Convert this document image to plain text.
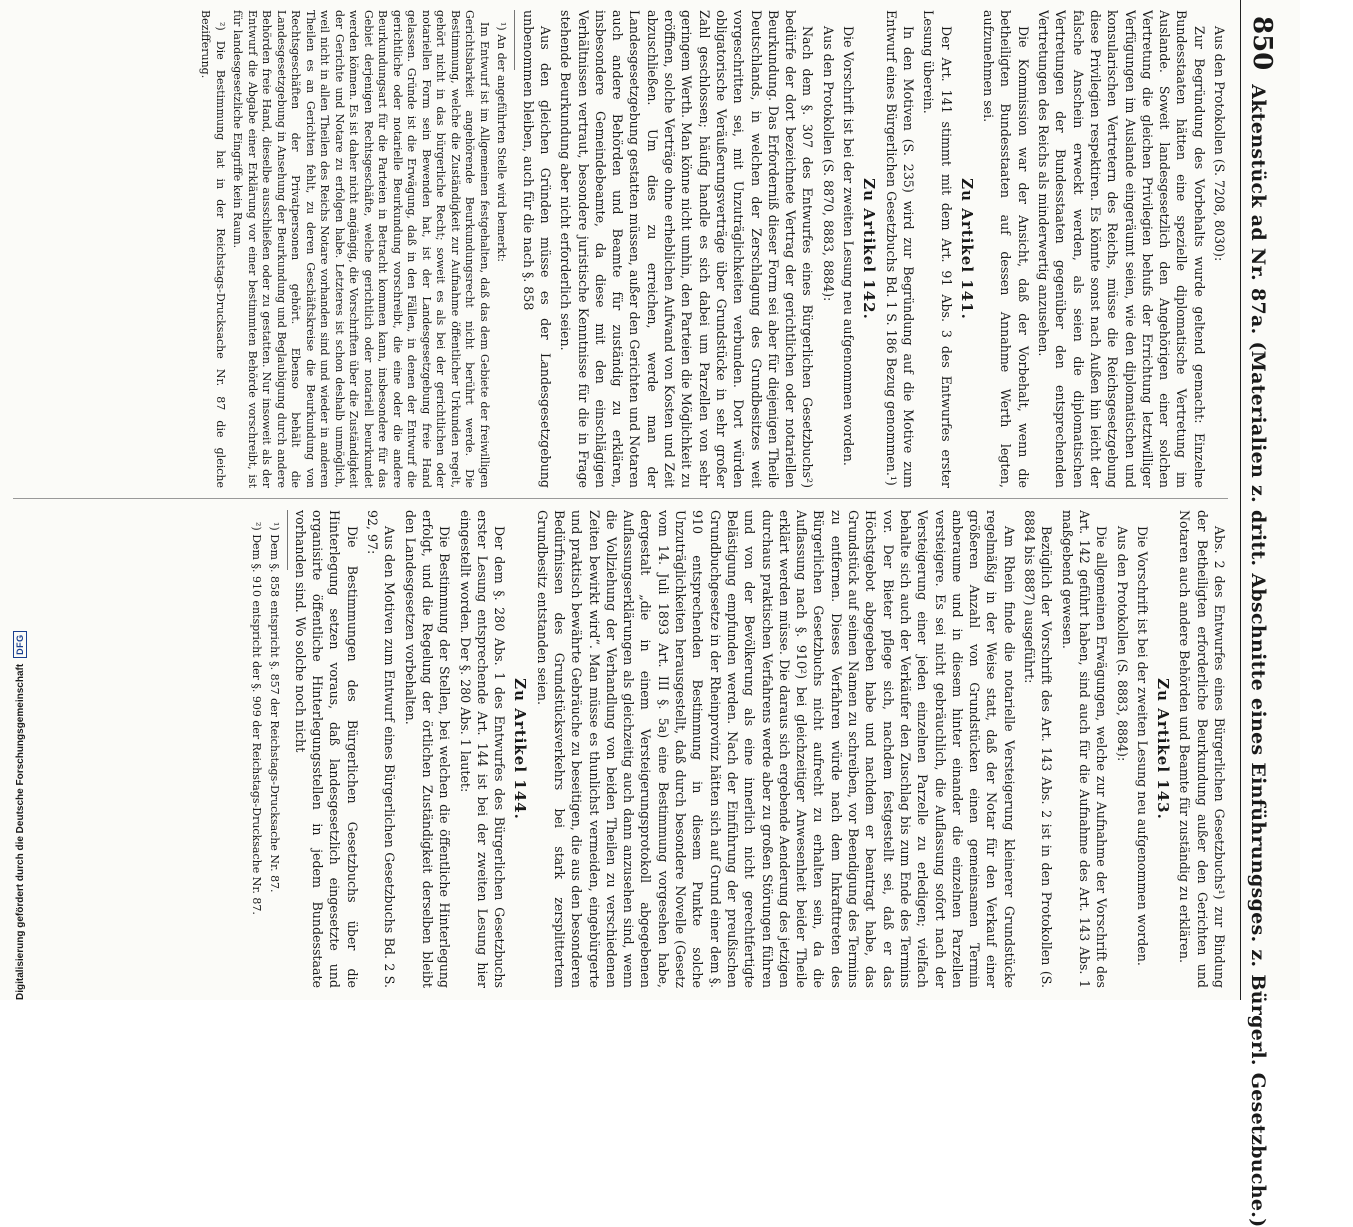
850
Aktenstück ad Nr. 87a. (Materialien z. dritt. Abschnitte eines Einführungsges. z. Bürgerl. Gesetzbuche.)

Aus den Protokollen (S. 7208, 8030):

Zur Begründung des Vorbehalts wurde geltend gemacht: Einzelne Bundesstaaten hätten eine spezielle diplomatische Vertretung im Auslande. Soweit landesgesetzlich den Angehörigen einer solchen Vertretung die gleichen Privilegien behufs der Errichtung letztwilliger Verfügungen im Auslande eingeräumt seien, wie den diplomatischen und konsularischen Vertretern des Reichs, müsse die Reichsgesetzgebung diese Privilegien respektiren. Es könnte sonst nach Außen hin leicht der falsche Anschein erweckt werden, als seien die diplomatischen Vertretungen der Bundesstaaten gegenüber den entsprechenden Vertretungen des Reichs als minderwertig anzusehen.

Die Kommission war der Ansicht, daß der Vorbehalt, wenn die betheiligten Bundesstaaten auf dessen Annahme Werth legten, aufzunehmen sei.

Zu Artikel 141.

Der Art. 141 stimmt mit dem Art. 91 Abs. 3 des Entwurfes erster Lesung überein.

In den Motiven (S. 235) wird zur Begründung auf die Motive zum Entwurf eines Bürgerlichen Gesetzbuchs Bd. 1 S. 186 Bezug genommen.¹)

Zu Artikel 142.

Die Vorschrift ist bei der zweiten Lesung neu aufgenommen worden.

Aus den Protokollen (S. 8870, 8883, 8884):

Nach dem §. 307 des Entwurfes eines Bürgerlichen Gesetzbuchs²) bedürfe der dort bezeichnete Vertrag der gerichtlichen oder notariellen Beurkundung. Das Erforderniß dieser Form sei aber für diejenigen Theile Deutschlands, in welchen der Zerschlagung des Grundbesitzes weit vorgeschritten sei, mit Unzuträglichkeiten verbunden. Dort würden obligatorische Veräußerungsverträge über Grundstücke in sehr großer Zahl geschlossen; häufig handle es sich dabei um Parzellen von sehr geringem Werth. Man könne nicht umhin, den Parteien die Möglichkeit zu eröffnen, solche Verträge ohne erheblichen Aufwand von Kosten und Zeit abzuschließen. Um dies zu erreichen, werde man der Landesgesetzgebung gestatten müssen, außer den Gerichten und Notaren auch andere Behörden und Beamte für zuständig zu erklären, insbesondere Gemeindebeamte, da diese mit den einschlägigen Verhältnissen vertraut, besondere juristische Kenntnisse für die in Frage stehende Beurkundung aber nicht erforderlich seien.

Aus den gleichen Gründen müsse es der Landesgesetzgebung unbenommen bleiben, auch für die nach §. 858

¹) An der angeführten Stelle wird bemerkt:

Im Entwurf ist im Allgemeinen festgehalten, daß das dem Gebiete der freiwilligen Gerichtsbarkeit angehörende Beurkundungsrecht nicht berührt werde. Die Bestimmung, welche die Zuständigkeit zur Aufnahme öffentlicher Urkunden regelt, gehört nicht in das bürgerliche Recht; soweit es als bei der gerichtlichen oder notariellen Form sein Bewenden hat, ist der Landesgesetzgebung freie Hand gelassen. Gründe ist die Erwägung, daß in den Fällen, in denen der Entwurf die gerichtliche oder notarielle Beurkundung vorschreibt, die eine oder die andere Beurkundungsart für die Parteien in Betracht kommen kann, insbesondere für das Gebiet derjenigen Rechtsgeschäfte, welche gerichtlich oder notariell beurkundet werden können. Es ist daher nicht angängig, die Vorschriften über die Zuständigkeit der Gerichte und Notare zu erfolgen habe. Letzteres ist schon deshalb unmöglich, weil nicht in allen Theilen des Reichs Notare vorhanden sind und wieder in anderen Theilen es an Gerichten fehlt, zu deren Geschäftskreise die Beurkundung von Rechtsgeschäften der Privatpersonen gehört. Ebenso behält die Landesgesetzgebung in Ansehung der Beurkundung und Beglaubigung durch andere Behörden freie Hand, dieselbe ausschließen oder zu gestatten. Nur insoweit als der Entwurf die Abgabe einer Erklärung vor einer bestimmten Behörde vorschreibt, ist für landesgesetzliche Eingriffe kein Raum.

²) Die Bestimmung hat in der Reichstags-Drucksache Nr. 87 die gleiche Bezifferung.

Abs. 2 des Entwurfes eines Bürgerlichen Gesetzbuchs¹) zur Bindung der Betheiligten erforderliche Beurkundung außer den Gerichten und Notaren auch andere Behörden und Beamte für zuständig zu erklären.

Zu Artikel 143.

Die Vorschrift ist bei der zweiten Lesung neu aufgenommen worden.

Aus den Protokollen (S. 8883, 8884):

Die allgemeinen Erwägungen, welche zur Aufnahme der Vorschrift des Art. 142 geführt haben, sind auch für die Aufnahme des Art. 143 Abs. 1 maßgebend gewesen.

Bezüglich der Vorschrift des Art. 143 Abs. 2 ist in den Protokollen (S. 8884 bis 8887) ausgeführt:

Am Rhein finde die notarielle Versteigerung kleinerer Grundstücke regelmäßig in der Weise statt, daß der Notar für den Verkauf einer größeren Anzahl von Grundstücken einen gemeinsamen Termin anberaume und in diesem hinter einander die einzelnen Parzellen versteigere. Es sei nicht gebräuchlich, die Auflassung sofort nach der Versteigerung einer jeden einzelnen Parzelle zu erledigen; vielfach behalte sich auch der Verkäufer den Zuschlag bis zum Ende des Termins vor. Der Bieter pflege sich, nachdem festgestellt sei, daß er das Höchstgebot abgegeben habe und nachdem er beantragt habe, das Grundstück auf seinen Namen zu schreiben, vor Beendigung des Termins zu entfernen. Dieses Verfahren würde nach dem Inkrafttreten des Bürgerlichen Gesetzbuchs nicht aufrecht zu erhalten sein, da die Auflassung nach §. 910²) bei gleichzeitiger Anwesenheit beider Theile erklärt werden müsse. Die daraus sich ergebende Aenderung des jetzigen durchaus praktischen Verfahrens werde aber zu großen Störungen führen und von der Bevölkerung als eine innerlich nicht gerechtfertigte Belästigung empfunden werden. Nach der Einführung der preußischen Grundbuchgesetze in der Rheinprovinz hätten sich auf Grund einer dem §. 910 entsprechenden Bestimmung in diesem Punkte solche Unzuträglichkeiten herausgestellt, daß durch besondere Novelle (Gesetz vom 14. Juli 1893 Art. III §. 5a) eine Bestimmung vorgesehen habe, dergestalt „die in einem Versteigerungsprotokoll abgegebenen Auflassungserklärungen als gleichzeitig auch dann anzusehen sind, wenn die Vollziehung der Verhandlung von beiden Theilen zu verschiedenen Zeiten bewirkt wird“. Man müsse es thunlichst vermeiden, eingebürgerte und praktisch bewährte Gebräuche zu beseitigen, die aus den besonderen Bedürfnissen des Grundstücksverkehrs bei stark zersplittertem Grundbesitz entstanden seien.

Zu Artikel 144.

Der dem §. 280 Abs. 1 des Entwurfes des Bürgerlichen Gesetzbuchs erster Lesung entsprechende Art. 144 ist bei der zweiten Lesung hier eingestellt worden. Der §. 280 Abs. 1 lautet:

Die Bestimmung der Stellen, bei welchen die öffentliche Hinterlegung erfolgt, und die Regelung der örtlichen Zuständigkeit derselben bleibt den Landesgesetzen vorbehalten.

Aus den Motiven zum Entwurf eines Bürgerlichen Gesetzbuchs Bd. 2 S. 92, 97:

Die Bestimmungen des Bürgerlichen Gesetzbuchs über die Hinterlegung setzen voraus, daß landesgesetzlich eingesetzte und organisirte öffentliche Hinterlegungsstellen in jedem Bundesstaate vorhanden sind. Wo solche noch nicht

¹) Dem §. 858 entspricht §. 857 der Reichstags-Drucksache Nr. 87.

²) Dem §. 910 entspricht der §. 909 der Reichstags-Drucksache Nr. 87.

Digitalisierung gefördert durch die Deutsche Forschungsgemeinschaft
DFG
